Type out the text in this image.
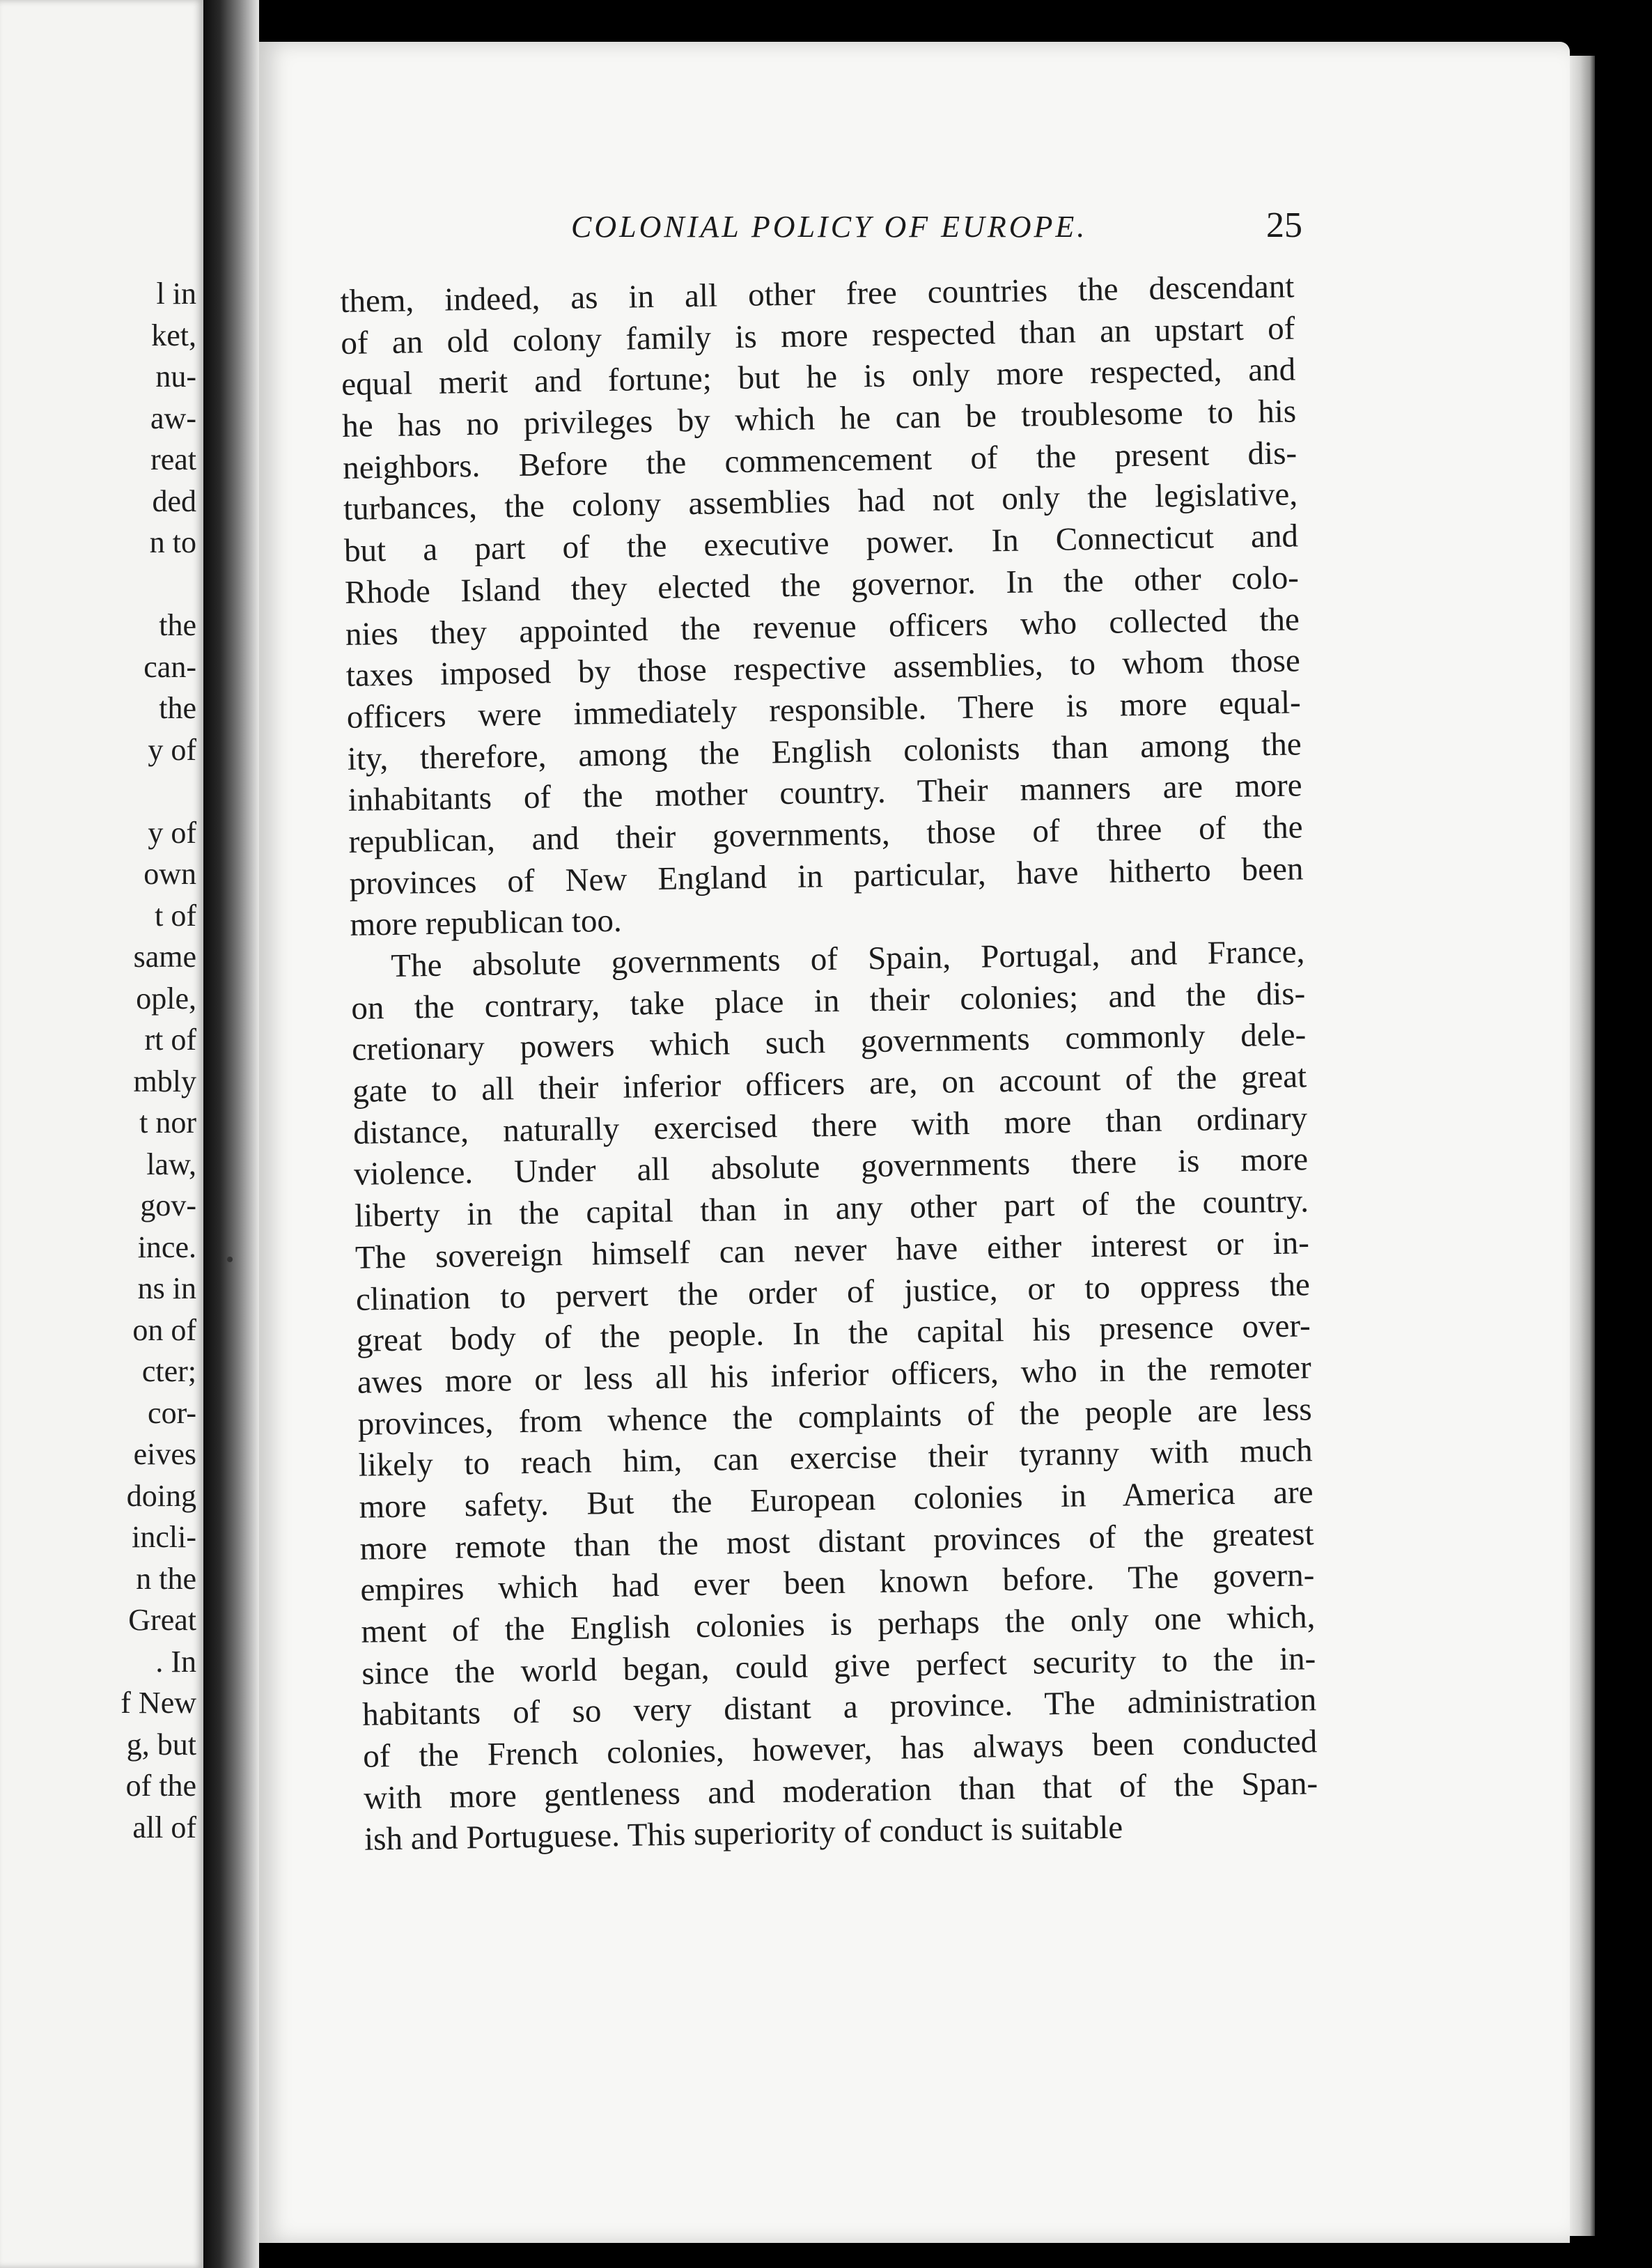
l in
ket,
nu-
aw-
reat
ded
n to
the
can-
the
y of
y of
own
t of
same
ople,
rt of
mbly
t nor
law,
gov-
ince.
ns in
on of
cter;
cor-
eives
doing
incli-
n the
Great
. In
f New
g, but
of the
all of
COLONIAL POLICY OF EUROPE.	25
them, indeed, as in all other free countries the descendant
of an old colony family is more respected than an upstart of
equal merit and fortune; but he is only more respected, and
he has no privileges by which he can be troublesome to his
neighbors. Before the commencement of the present dis-
turbances, the colony assemblies had not only the legislative,
but a part of the executive power. In Connecticut and
Rhode Island they elected the governor. In the other colo-
nies they appointed the revenue officers who collected the
taxes imposed by those respective assemblies, to whom those
officers were immediately responsible. There is more equal-
ity, therefore, among the English colonists than among the
inhabitants of the mother country. Their manners are more
republican, and their governments, those of three of the
provinces of New England in particular, have hitherto been
more republican too.
The absolute governments of Spain, Portugal, and France,
on the contrary, take place in their colonies; and the dis-
cretionary powers which such governments commonly dele-
gate to all their inferior officers are, on account of the great
distance, naturally exercised there with more than ordinary
violence. Under all absolute governments there is more
liberty in the capital than in any other part of the country.
The sovereign himself can never have either interest or in-
clination to pervert the order of justice, or to oppress the
great body of the people. In the capital his presence over-
awes more or less all his inferior officers, who in the remoter
provinces, from whence the complaints of the people are less
likely to reach him, can exercise their tyranny with much
more safety. But the European colonies in America are
more remote than the most distant provinces of the greatest
empires which had ever been known before. The govern-
ment of the English colonies is perhaps the only one which,
since the world began, could give perfect security to the in-
habitants of so very distant a province. The administration
of the French colonies, however, has always been conducted
with more gentleness and moderation than that of the Span-
ish and Portuguese. This superiority of conduct is suitable
